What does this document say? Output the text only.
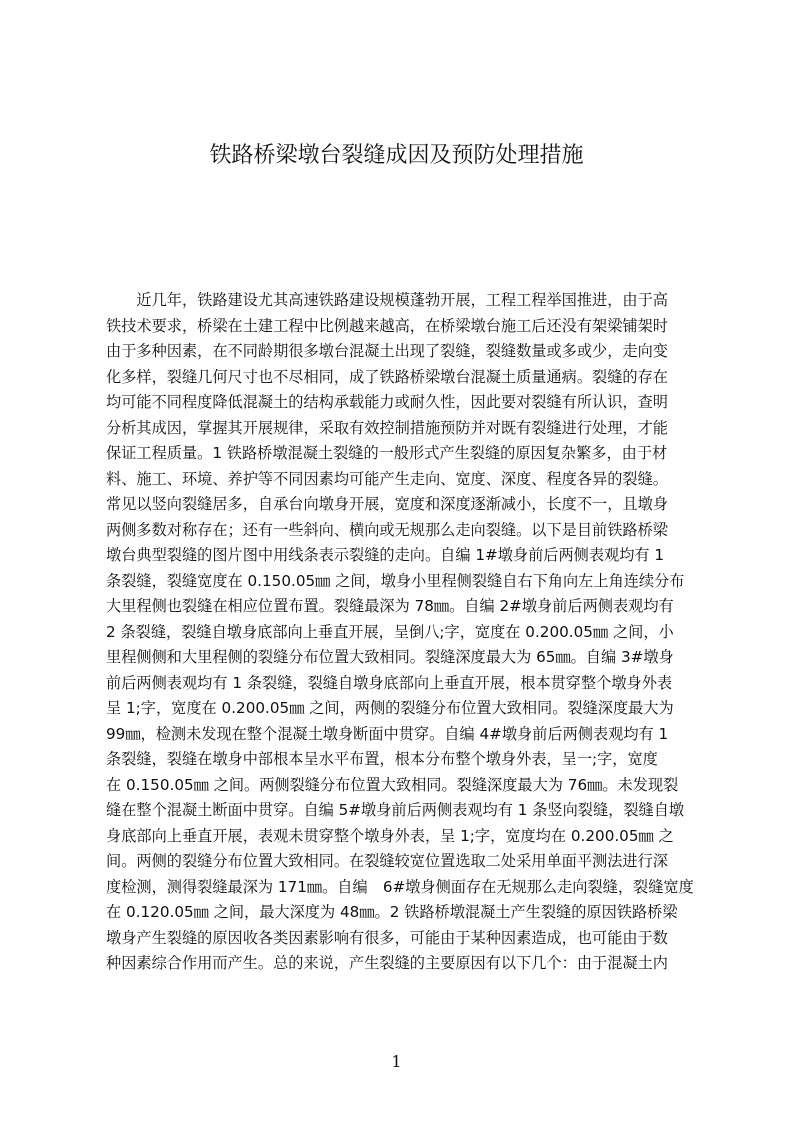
铁路桥梁墩台裂缝成因及预防处理措施
　　近几年，铁路建设尤其高速铁路建设规模蓬勃开展，工程工程举国推进，由于高
铁技术要求，桥梁在土建工程中比例越来越高，在桥梁墩台施工后还没有架梁铺架时
由于多种因素，在不同龄期很多墩台混凝土出现了裂缝，裂缝数量或多或少，走向变
化多样，裂缝几何尺寸也不尽相同，成了铁路桥梁墩台混凝土质量通病。裂缝的存在
均可能不同程度降低混凝土的结构承载能力或耐久性，因此要对裂缝有所认识，查明
分析其成因，掌握其开展规律，采取有效控制措施预防并对既有裂缝进行处理，才能
保证工程质量。1 铁路桥墩混凝土裂缝的一般形式产生裂缝的原因复杂繁多，由于材
料、施工、环境、养护等不同因素均可能产生走向、宽度、深度、程度各异的裂缝。
常见以竖向裂缝居多，自承台向墩身开展，宽度和深度逐渐减小，长度不一，且墩身
两侧多数对称存在；还有一些斜向、横向或无规那么走向裂缝。以下是目前铁路桥梁
墩台典型裂缝的图片图中用线条表示裂缝的走向。自编 1#墩身前后两侧表观均有 1
条裂缝，裂缝宽度在 0.150.05㎜ 之间，墩身小里程侧裂缝自右下角向左上角连续分布
大里程侧也裂缝在相应位置布置。裂缝最深为 78㎜。自编 2#墩身前后两侧表观均有
2 条裂缝，裂缝自墩身底部向上垂直开展，呈倒八;字，宽度在 0.200.05㎜ 之间，小
里程侧侧和大里程侧的裂缝分布位置大致相同。裂缝深度最大为 65㎜。自编 3#墩身
前后两侧表观均有 1 条裂缝，裂缝自墩身底部向上垂直开展，根本贯穿整个墩身外表
呈 1;字，宽度在 0.200.05㎜ 之间，两侧的裂缝分布位置大致相同。裂缝深度最大为
99㎜，检测未发现在整个混凝土墩身断面中贯穿。自编 4#墩身前后两侧表观均有 1
条裂缝，裂缝在墩身中部根本呈水平布置，根本分布整个墩身外表，呈一;字，宽度
在 0.150.05㎜ 之间。两侧裂缝分布位置大致相同。裂缝深度最大为 76㎜。未发现裂
缝在整个混凝土断面中贯穿。自编 5#墩身前后两侧表观均有 1 条竖向裂缝，裂缝自墩
身底部向上垂直开展，表观未贯穿整个墩身外表，呈 1;字，宽度均在 0.200.05㎜ 之
间。两侧的裂缝分布位置大致相同。在裂缝较宽位置选取二处采用单面平测法进行深
度检测，测得裂缝最深为 171㎜。自编　6#墩身侧面存在无规那么走向裂缝，裂缝宽度
在 0.120.05㎜ 之间，最大深度为 48㎜。2 铁路桥墩混凝土产生裂缝的原因铁路桥梁
墩身产生裂缝的原因收各类因素影响有很多，可能由于某种因素造成，也可能由于数
种因素综合作用而产生。总的来说，产生裂缝的主要原因有以下几个：由于混凝土内
1
